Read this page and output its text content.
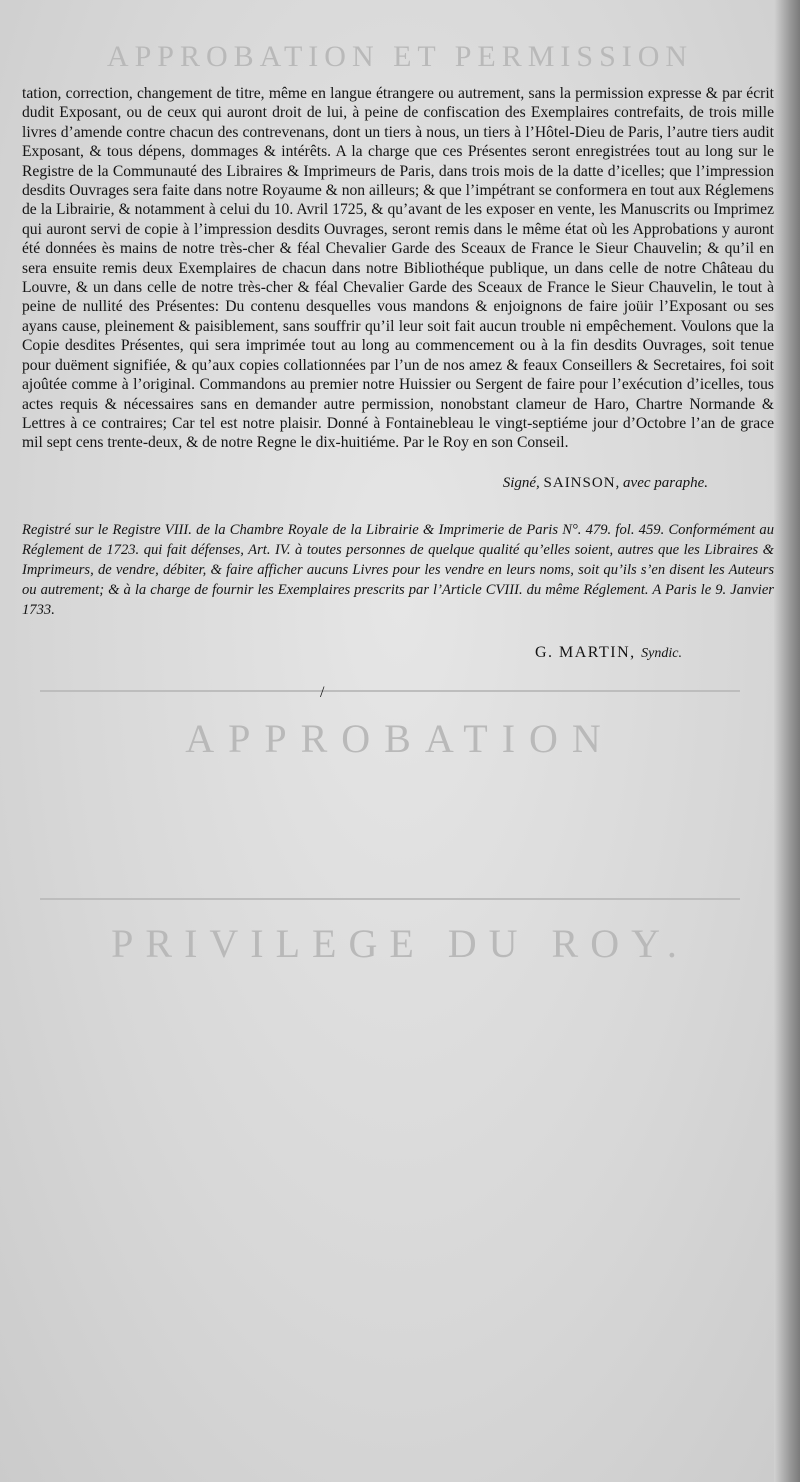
APPROBATION ET PERMISSION
APPROBATION
PRIVILEGE DU ROY.

tation, correction, changement de titre, même en langue étrangere ou autrement, sans la permission expresse & par écrit dudit Exposant, ou de ceux qui auront droit de lui, à peine de confiscation des Exemplaires contrefaits, de trois mille livres d’amende contre chacun des contrevenans, dont un tiers à nous, un tiers à l’Hôtel-Dieu de Paris, l’autre tiers audit Exposant, & tous dépens, dommages & intérêts. A la charge que ces Présentes seront enregistrées tout au long sur le Registre de la Communauté des Libraires & Imprimeurs de Paris, dans trois mois de la datte d’icelles; que l’impression desdits Ouvrages sera faite dans notre Royaume & non ailleurs; & que l’impétrant se conformera en tout aux Réglemens de la Librairie, & notamment à celui du 10. Avril 1725, & qu’avant de les exposer en vente, les Manuscrits ou Imprimez qui auront servi de copie à l’impression desdits Ouvrages, seront remis dans le même état où les Approbations y auront été données ès mains de notre très-cher & féal Chevalier Garde des Sceaux de France le Sieur Chauvelin; & qu’il en sera ensuite remis deux Exemplaires de chacun dans notre Bibliothéque publique, un dans celle de notre Château du Louvre, & un dans celle de notre très-cher & féal Chevalier Garde des Sceaux de France le Sieur Chauvelin, le tout à peine de nullité des Présentes: Du contenu desquelles vous mandons & enjoignons de faire joüir l’Exposant ou ses ayans cause, pleinement & paisiblement, sans souffrir qu’il leur soit fait aucun trouble ni empêchement. Voulons que la Copie desdites Présentes, qui sera imprimée tout au long au commencement ou à la fin desdits Ouvrages, soit tenue pour duëment signifiée, & qu’aux copies collationnées par l’un de nos amez & feaux Conseillers & Secretaires, foi soit ajoûtée comme à l’original. Commandons au premier notre Huissier ou Sergent de faire pour l’exécution d’icelles, tous actes requis & nécessaires sans en demander autre permission, nonobstant clameur de Haro, Chartre Normande & Lettres à ce contraires; Car tel est notre plaisir. Donné à Fontainebleau le vingt-septiéme jour d’Octobre l’an de grace mil sept cens trente-deux, & de notre Regne le dix-huitiéme. Par le Roy en son Conseil.

Signé, SAINSON, avec paraphe.

Registré sur le Registre VIII. de la Chambre Royale de la Librairie & Imprimerie de Paris N°. 479. fol. 459. Conformément au Réglement de 1723. qui fait défenses, Art. IV. à toutes personnes de quelque qualité qu’elles soient, autres que les Libraires & Imprimeurs, de vendre, débiter, & faire afficher aucuns Livres pour les vendre en leurs noms, soit qu’ils s’en disent les Auteurs ou autrement; & à la charge de fournir les Exemplaires prescrits par l’Article CVIII. du même Réglement. A Paris le 9. Janvier 1733.

G. MARTIN, Syndic.
/
